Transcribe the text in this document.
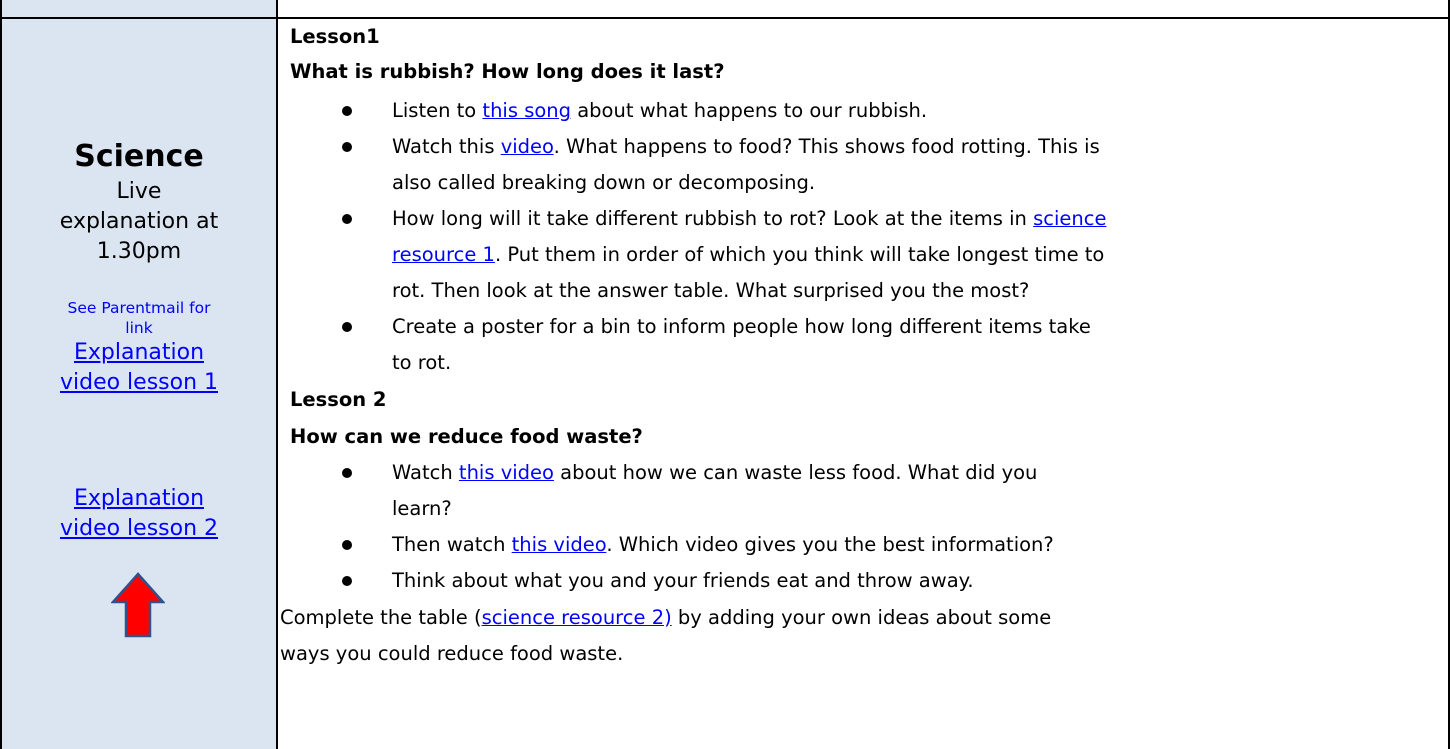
Science
Live
explanation at
1.30pm
See Parentmail for
link
Explanation
video lesson 1
Explanation
video lesson 2
Lesson1
What is rubbish? How long does it last?
Listen to this song about what happens to our rubbish.
Watch this video. What happens to food? This shows food rotting. This is
also called breaking down or decomposing.
How long will it take different rubbish to rot? Look at the items in science
resource 1. Put them in order of which you think will take longest time to
rot. Then look at the answer table. What surprised you the most?
Create a poster for a bin to inform people how long different items take
to rot.
Lesson 2
How can we reduce food waste?
Watch this video about how we can waste less food. What did you
learn?
Then watch this video. Which video gives you the best information?
Think about what you and your friends eat and throw away.
Complete the table (science resource 2) by adding your own ideas about some
ways you could reduce food waste.
